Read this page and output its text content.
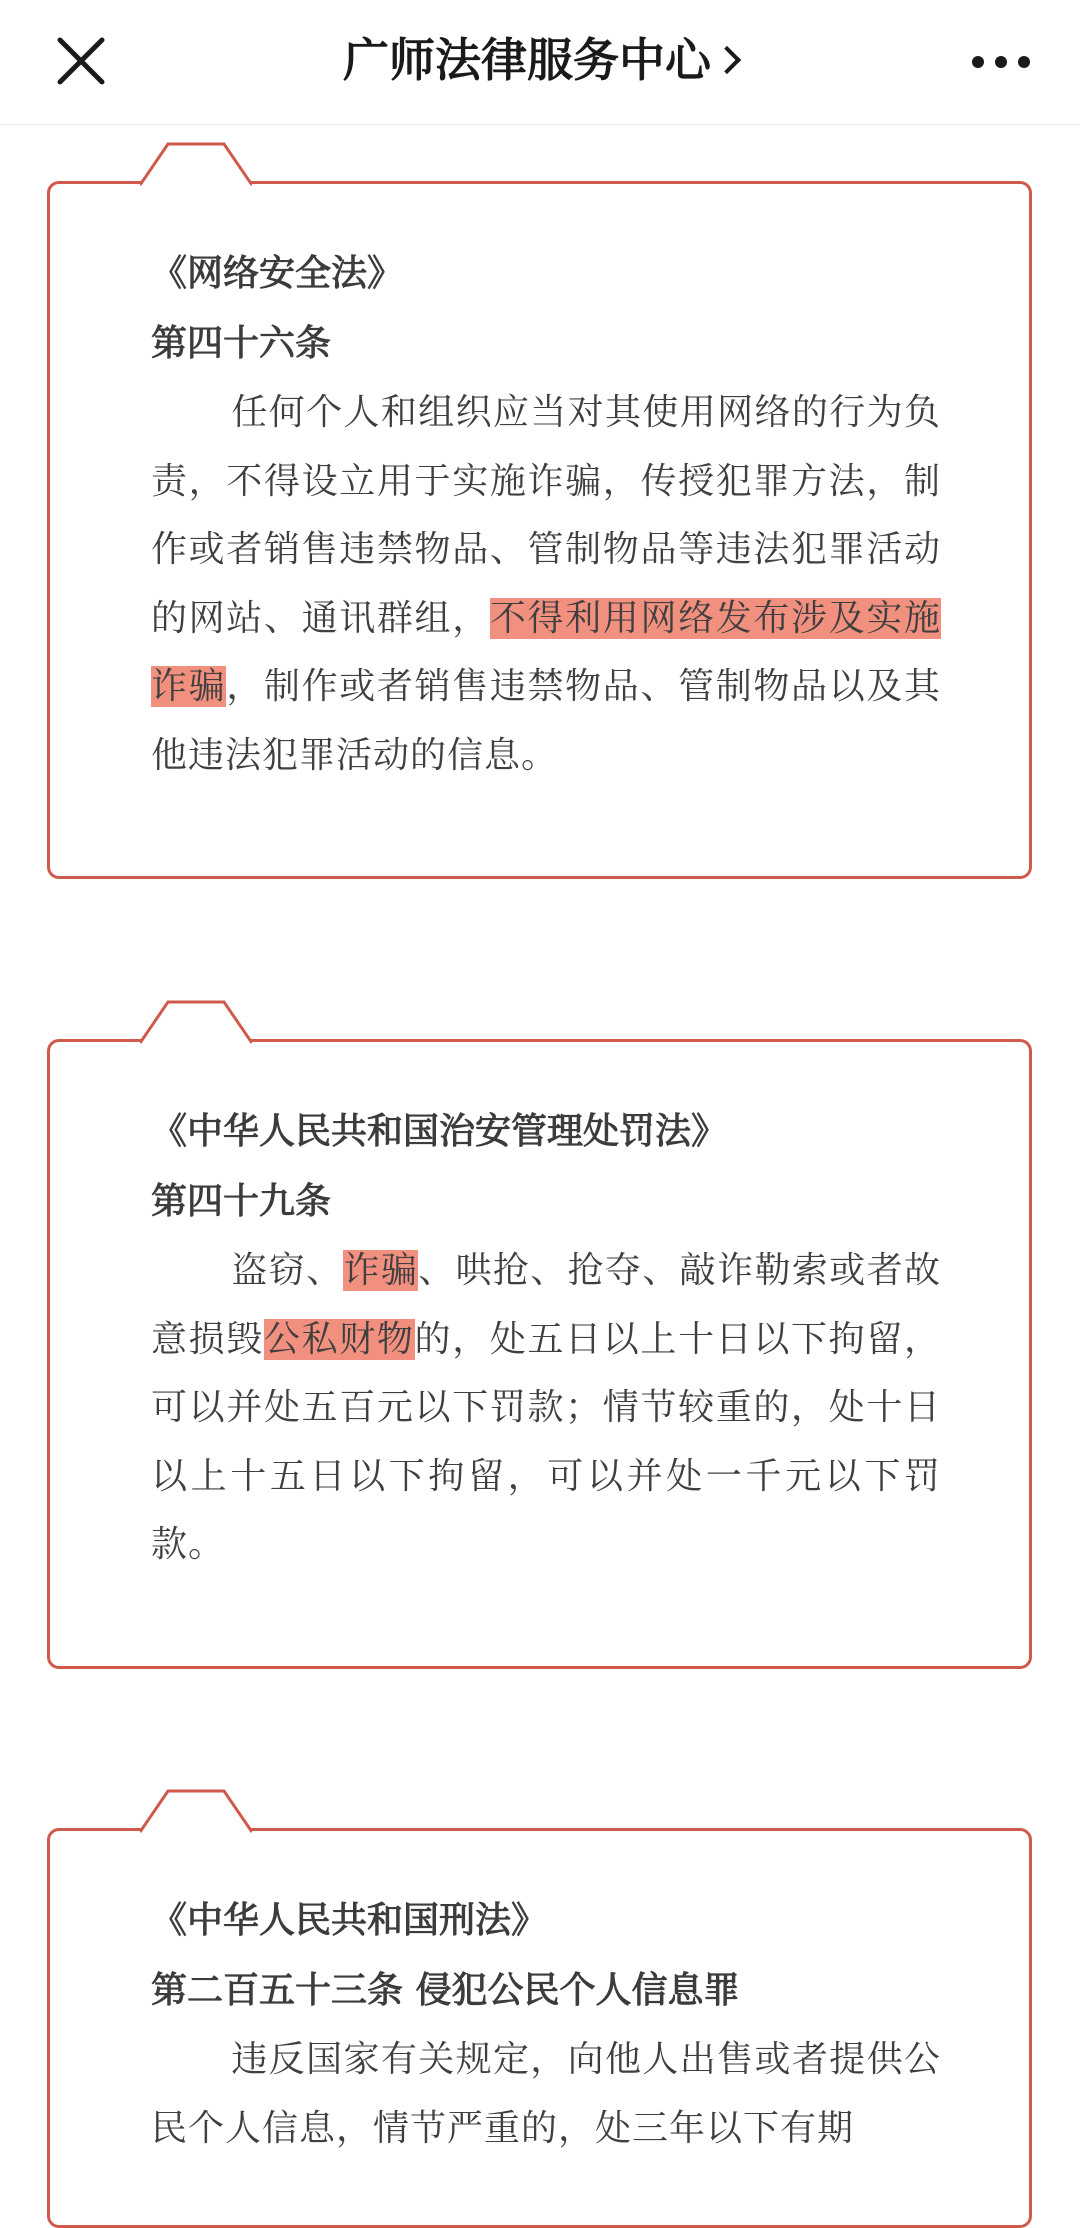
广师法律服务中心
《网络安全法》
第四十六条
任何个人和组织应当对其使用网络的行为负责，不得设立用于实施诈骗，传授犯罪方法，制作或者销售违禁物品、管制物品等违法犯罪活动的网站、通讯群组，不得利用网络发布涉及实施诈骗，制作或者销售违禁物品、管制物品以及其他违法犯罪活动的信息。
《中华人民共和国治安管理处罚法》
第四十九条
盗窃、诈骗、哄抢、抢夺、敲诈勒索或者故意损毁公私财物的，处五日以上十日以下拘留，可以并处五百元以下罚款；情节较重的，处十日以上十五日以下拘留，可以并处一千元以下罚款。
《中华人民共和国刑法》
第二百五十三条 侵犯公民个人信息罪
违反国家有关规定，向他人出售或者提供公民个人信息，情节严重的，处三年以下有期
